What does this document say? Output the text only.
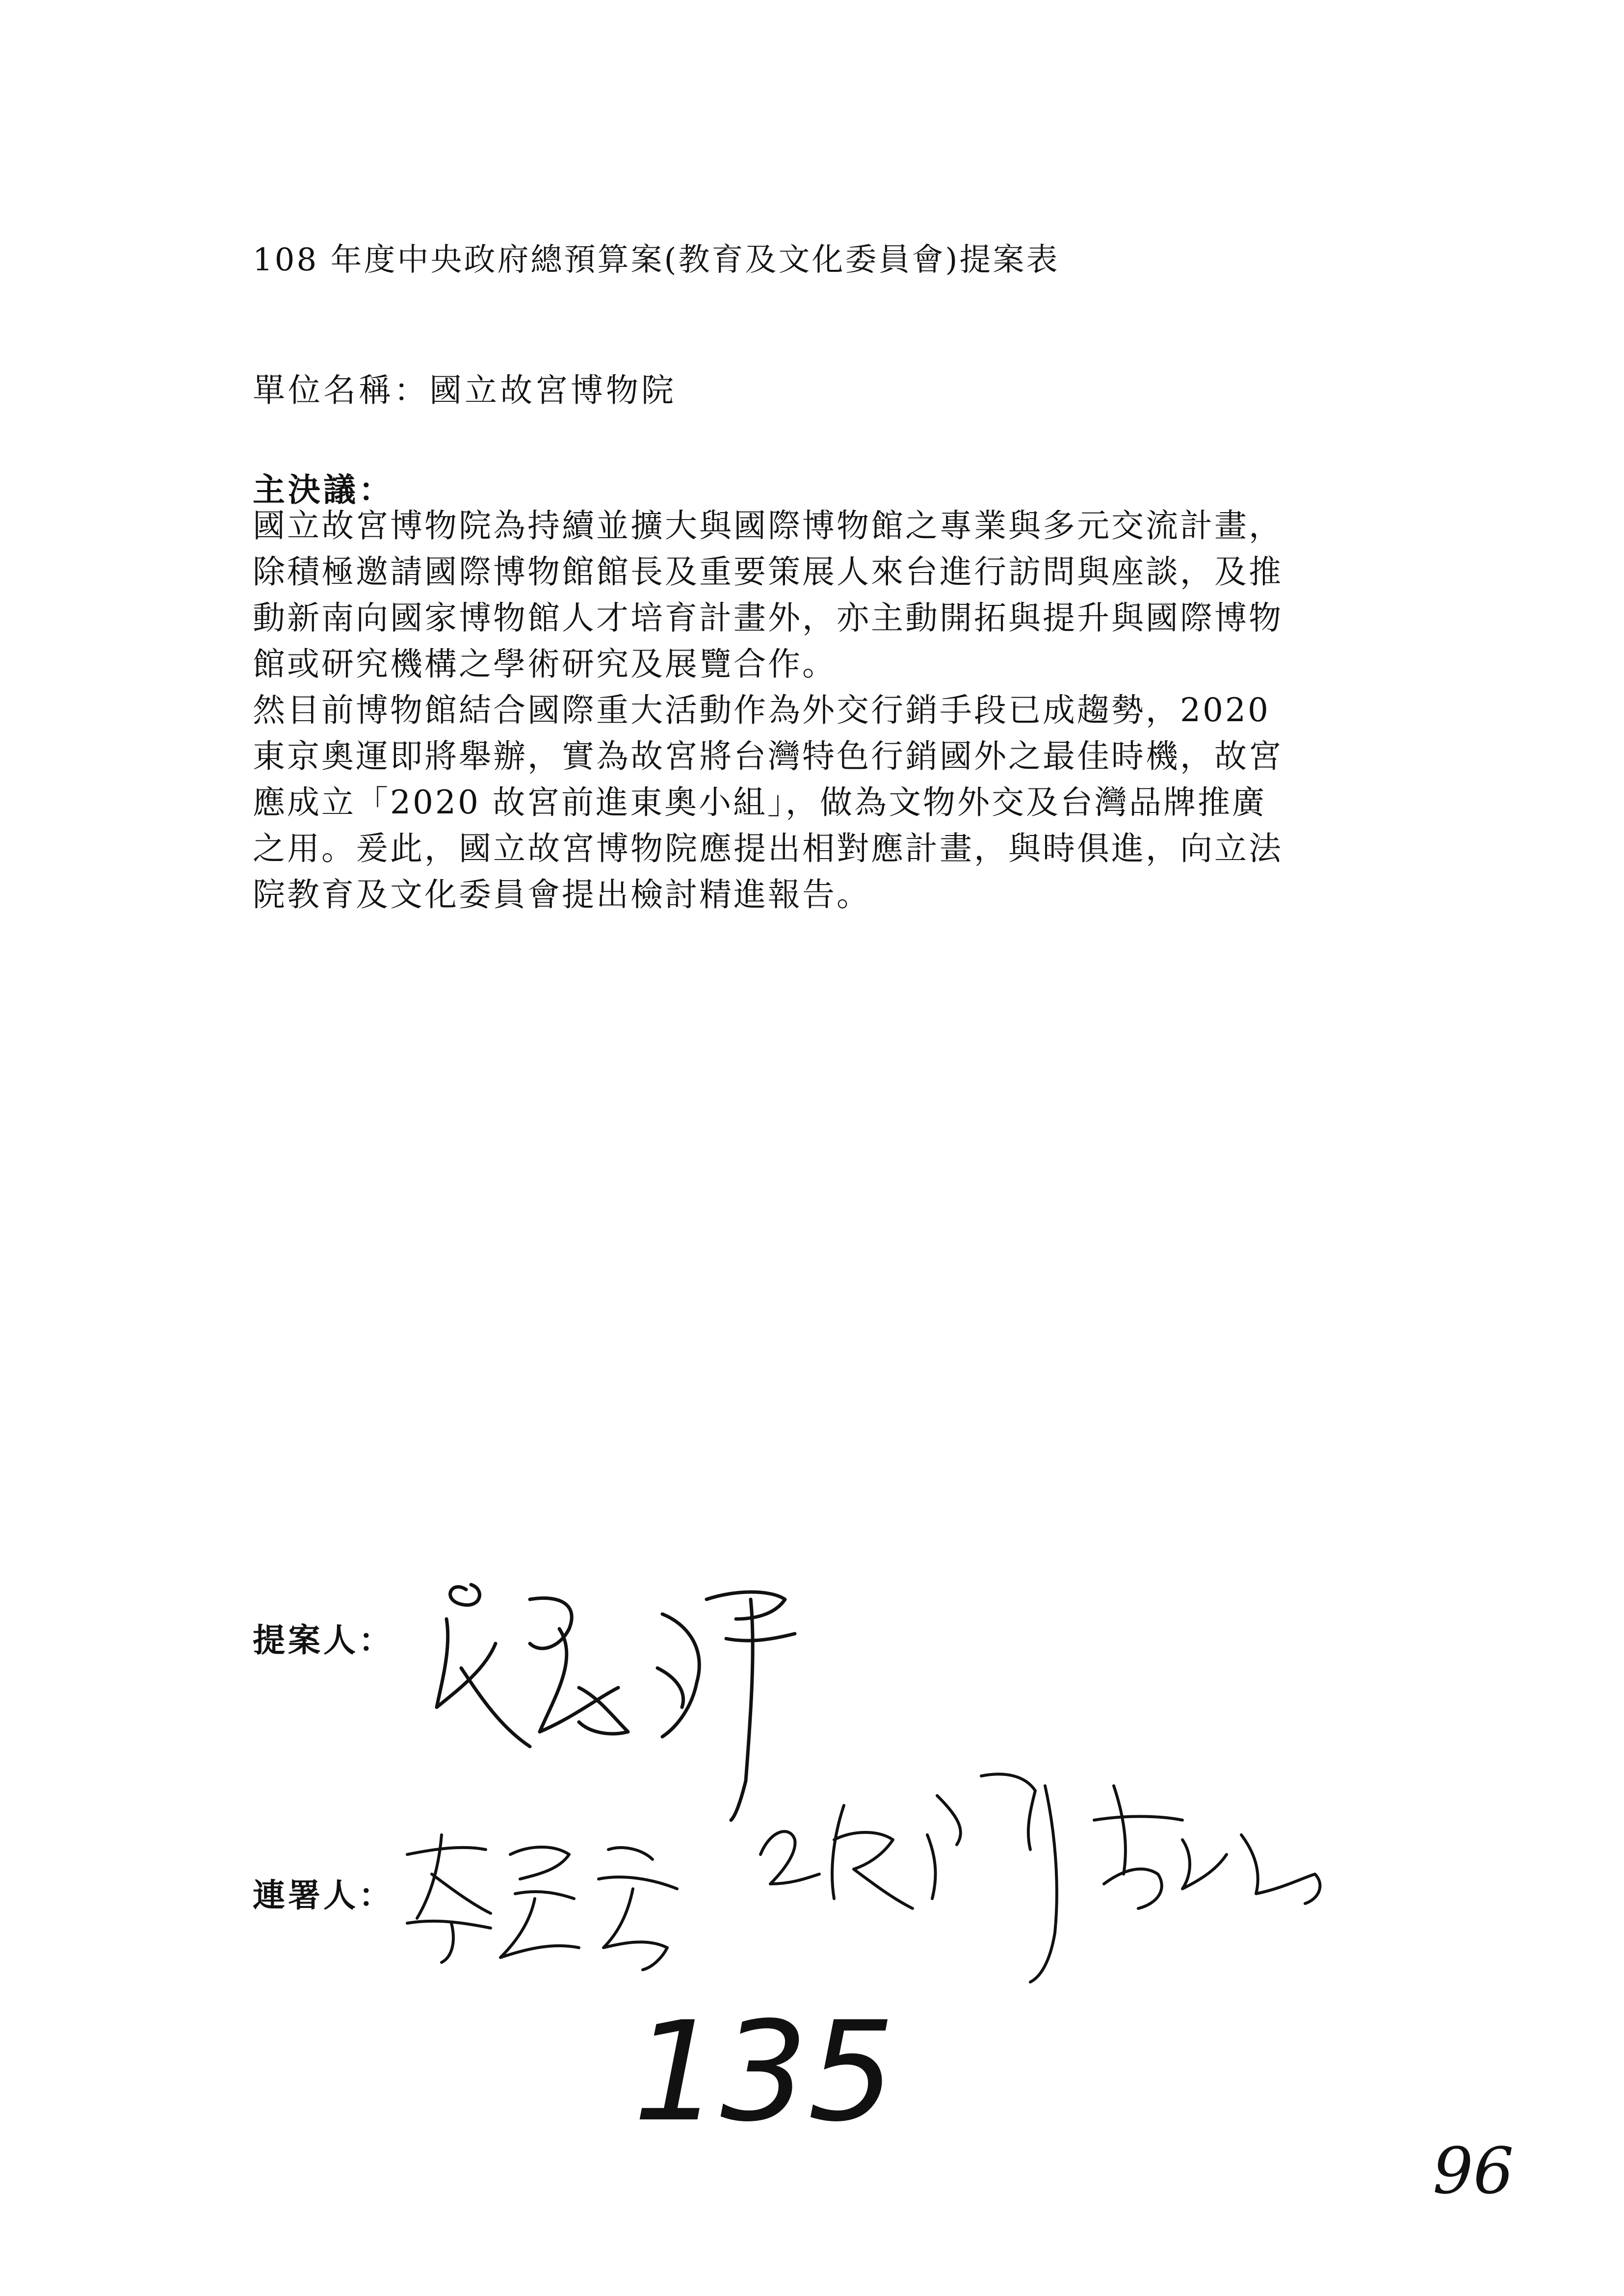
108 年度中央政府總預算案(教育及文化委員會)提案表
單位名稱：國立故宮博物院
主決議：
國立故宮博物院為持續並擴大與國際博物館之專業與多元交流計畫，
除積極邀請國際博物館館長及重要策展人來台進行訪問與座談，及推
動新南向國家博物館人才培育計畫外，亦主動開拓與提升與國際博物
館或研究機構之學術研究及展覽合作。
然目前博物館結合國際重大活動作為外交行銷手段已成趨勢，2020
東京奧運即將舉辦，實為故宮將台灣特色行銷國外之最佳時機，故宮
應成立「2020 故宮前進東奧小組」，做為文物外交及台灣品牌推廣
之用。爰此，國立故宮博物院應提出相對應計畫，與時俱進，向立法
院教育及文化委員會提出檢討精進報告。
提案人：
連署人：
135
96
